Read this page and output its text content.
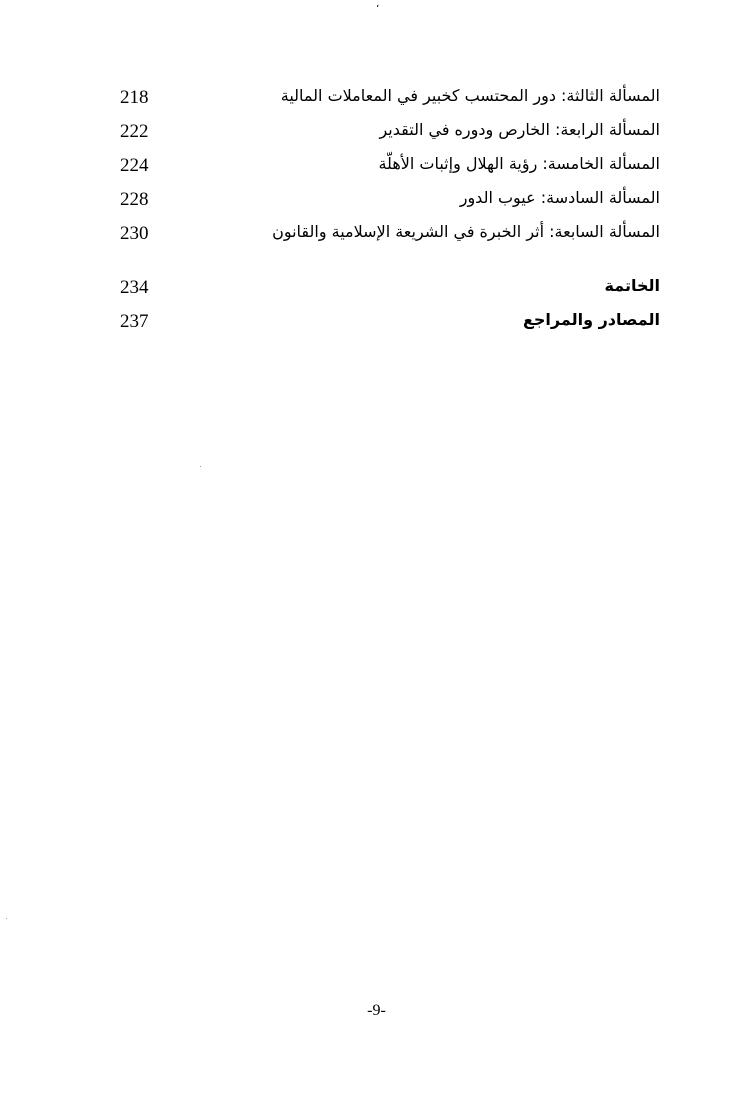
،
المسألة الثالثة: دور المحتسب كخبير في المعاملات المالية
218
المسألة الرابعة: الخارص ودوره في التقدير
222
المسألة الخامسة: رؤية الهلال وإثبات الأهلّة
224
المسألة السادسة: عيوب الدور
228
المسألة السابعة: أثر الخبرة في الشريعة الإسلامية والقانون
230
الخاتمة
234
المصادر والمراجع
237
-9-
